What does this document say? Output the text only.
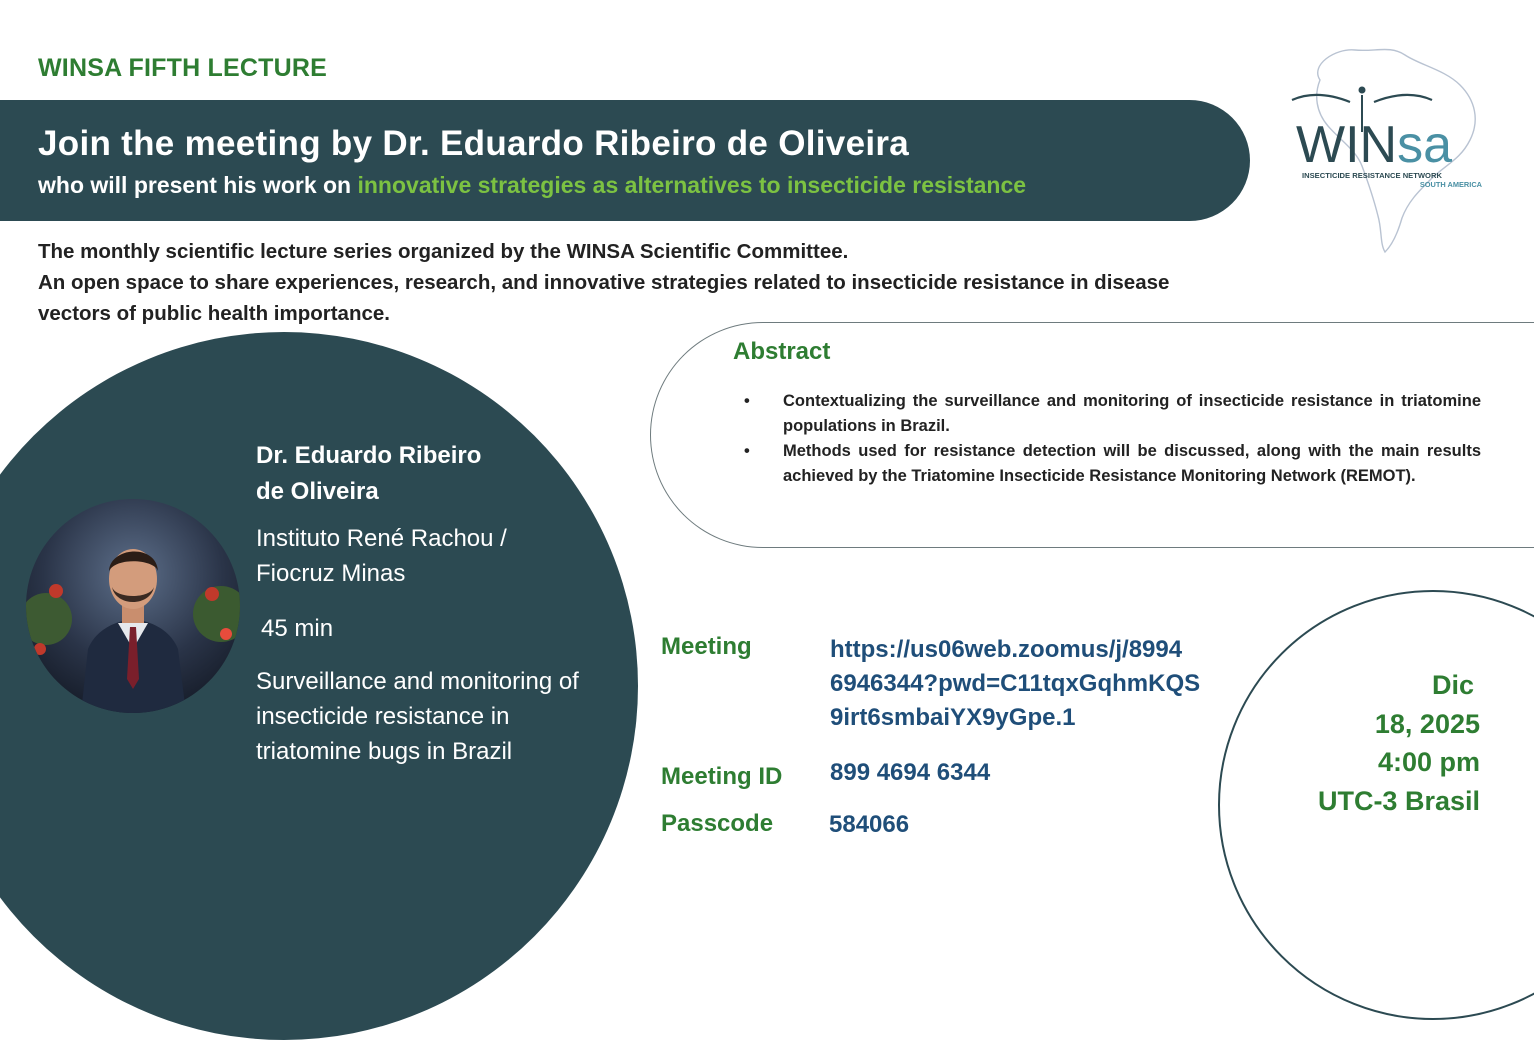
WINSA FIFTH LECTURE
Join the meeting by Dr. Eduardo Ribeiro de Oliveira
who will present his work on innovative strategies as alternatives to insecticide resistance
WINsa
INSECTICIDE RESISTANCE NETWORK
SOUTH AMERICA

The monthly scientific lecture series organized by the WINSA Scientific Committee.

An open space to share experiences, research, and innovative strategies related to insecticide resistance in disease vectors of public health importance.

Dr. Eduardo Ribeiro
de Oliveira
Instituto René Rachou /
Fiocruz Minas
45 min
Surveillance and monitoring of insecticide resistance in triatomine bugs in Brazil
Abstract
•	Contextualizing the surveillance and monitoring of insecticide resistance in triatomine populations in Brazil.
•	Methods used for resistance detection will be discussed, along with the main results achieved by the Triatomine Insecticide Resistance Monitoring Network (REMOT).
Meeting	https://us06web.zoomus/j/8994
6946344?pwd=C11tqxGqhmKQS
9irt6smbaiYX9yGpe.1
Meeting ID 899 4694 6344
Passcode 584066
Dic
18, 2025
4:00 pm
UTC-3 Brasil
